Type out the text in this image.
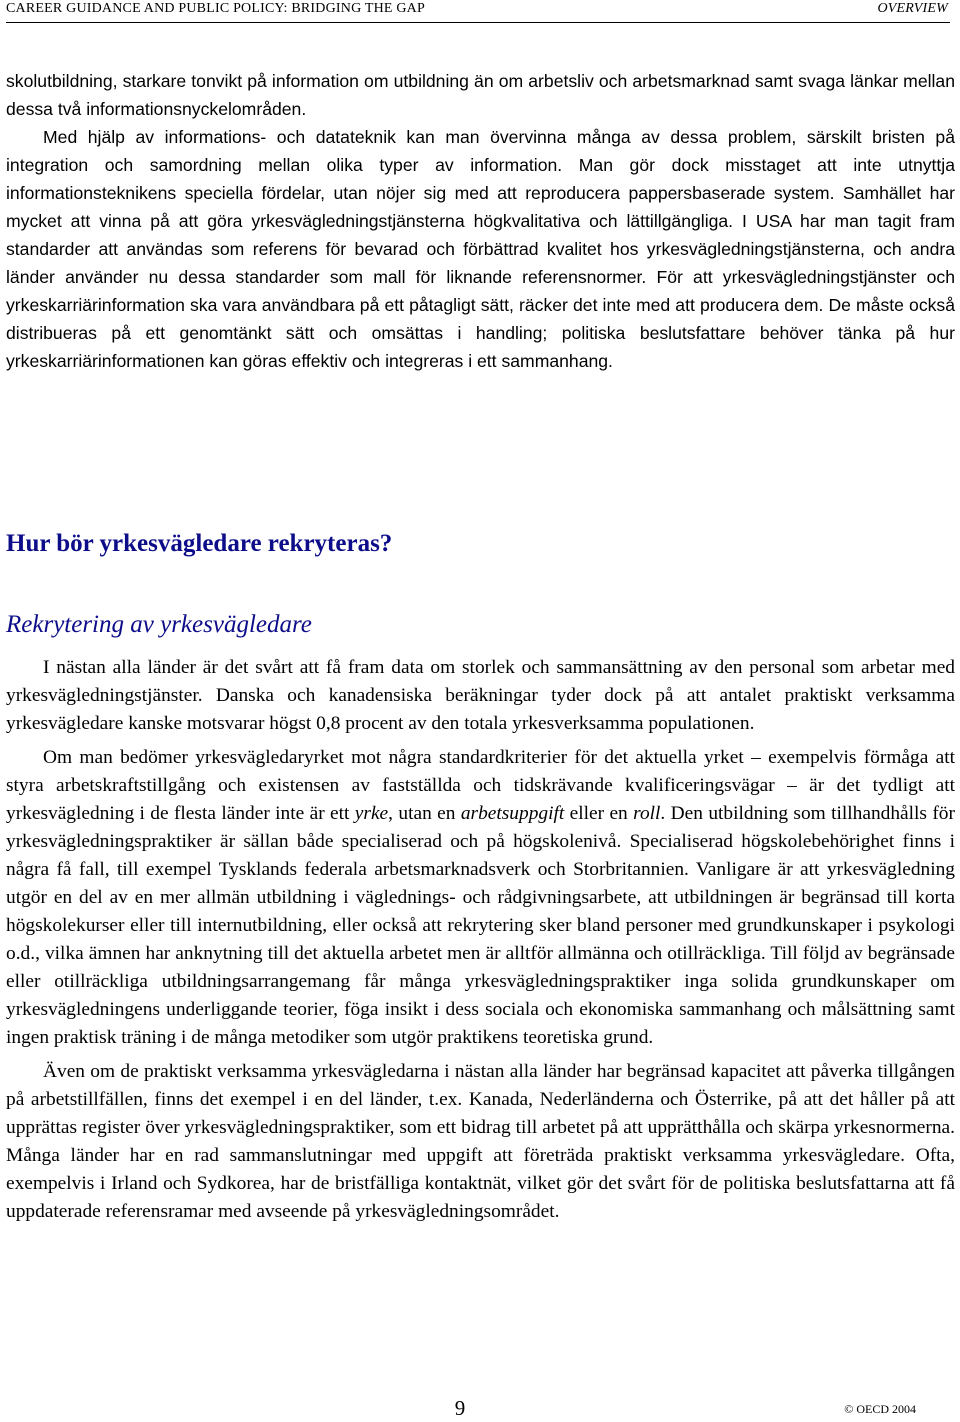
CAREER GUIDANCE AND PUBLIC POLICY: BRIDGING THE GAP	OVERVIEW

skolutbildning, starkare tonvikt på information om utbildning än om arbetsliv och arbetsmarknad samt svaga länkar mellan dessa två informationsnyckelområden.
Med hjälp av informations- och datateknik kan man övervinna många av dessa problem, särskilt bristen på integration och samordning mellan olika typer av information. Man gör dock misstaget att inte utnyttja informationsteknikens speciella fördelar, utan nöjer sig med att reproducera pappersbaserade system. Samhället har mycket att vinna på att göra yrkesvägledningstjänsterna högkvalitativa och lättillgängliga. I USA har man tagit fram standarder att användas som referens för bevarad och förbättrad kvalitet hos yrkesvägledningstjänsterna, och andra länder använder nu dessa standarder som mall för liknande referensnormer. För att yrkesvägledningstjänster och yrkeskarriärinformation ska vara användbara på ett påtagligt sätt, räcker det inte med att producera dem. De måste också distribueras på ett genomtänkt sätt och omsättas i handling; politiska beslutsfattare behöver tänka på hur yrkeskarriärinformationen kan göras effektiv och integreras i ett sammanhang.

Hur bör yrkesvägledare rekryteras?
Rekrytering av yrkesvägledare

I nästan alla länder är det svårt att få fram data om storlek och sammansättning av den personal som arbetar med yrkesvägledningstjänster. Danska och kanadensiska beräkningar tyder dock på att antalet praktiskt verksamma yrkesvägledare kanske motsvarar högst 0,8 procent av den totala yrkesverksamma populationen.

Om man bedömer yrkesvägledaryrket mot några standardkriterier för det aktuella yrket – exempelvis förmåga att styra arbetskraftstillgång och existensen av fastställda och tidskrävande kvalificeringsvägar – är det tydligt att yrkesvägledning i de flesta länder inte är ett yrke, utan en arbetsuppgift eller en roll. Den utbildning som tillhandhålls för yrkesvägledningspraktiker är sällan både specialiserad och på högskolenivå. Specialiserad högskolebehörighet finns i några få fall, till exempel Tysklands federala arbetsmarknadsverk och Storbritannien. Vanligare är att yrkesvägledning utgör en del av en mer allmän utbildning i väglednings- och rådgivningsarbete, att utbildningen är begränsad till korta högskolekurser eller till internutbildning, eller också att rekrytering sker bland personer med grundkunskaper i psykologi o.d., vilka ämnen har anknytning till det aktuella arbetet men är alltför allmänna och otillräckliga. Till följd av begränsade eller otillräckliga utbildningsarrangemang får många yrkesvägledningspraktiker inga solida grundkunskaper om yrkesvägledningens underliggande teorier, föga insikt i dess sociala och ekonomiska sammanhang och målsättning samt ingen praktisk träning i de många metodiker som utgör praktikens teoretiska grund.

Även om de praktiskt verksamma yrkesvägledarna i nästan alla länder har begränsad kapacitet att påverka tillgången på arbetstillfällen, finns det exempel i en del länder, t.ex. Kanada, Nederländerna och Österrike, på att det håller på att upprättas register över yrkesvägledningspraktiker, som ett bidrag till arbetet på att upprätthålla och skärpa yrkesnormerna. Många länder har en rad sammanslutningar med uppgift att företräda praktiskt verksamma yrkesvägledare. Ofta, exempelvis i Irland och Sydkorea, har de bristfälliga kontaktnät, vilket gör det svårt för de politiska beslutsfattarna att få uppdaterade referensramar med avseende på yrkesvägledningsområdet.

9	© OECD 2004
